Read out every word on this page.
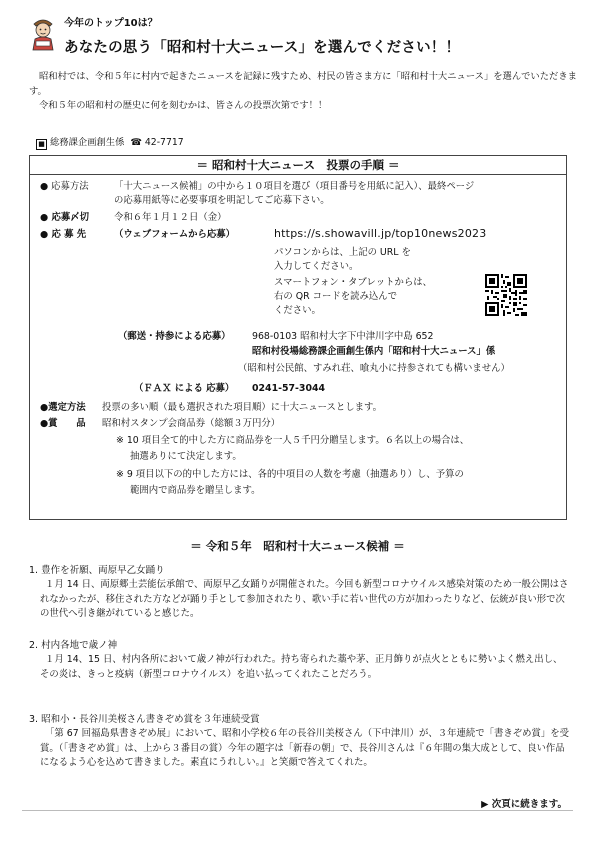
今年のトップ10は？
あなたの思う「昭和村十大ニュース」を選んでください！！

昭和村では、令和５年に村内で起きたニュースを記録に残すため、村民の皆さま方に「昭和村十大ニュース」を選んでいただきます。

令和５年の昭和村の歴史に何を刻むかは、皆さんの投票次第です！！

■ 総務課企画創生係  ☎ 42-7717
＝ 昭和村十大ニュース　投票の手順 ＝
● 応募方法	「十大ニュース候補」の中から１０項目を選び（項目番号を用紙に記入）、最終ページ
の応募用紙等に必要事項を明記してご応募下さい。
● 応募〆切	令和６年１月１２日（金）
● 応 募 先	（ウェブフォームから応募）	https://s.showavill.jp/top10news2023
パソコンからは、上記の URL を
入力してください。
スマートフォン・タブレットからは、
右の QR コードを読み込んで
ください。
（郵送・持参による応募） 968-0103 昭和村大字下中津川字中島 652
昭和村役場総務課企画創生係内「昭和村十大ニュース」係
（昭和村公民館、すみれ荘、喰丸小に持参されても構いません）
（ＦＡＸ による 応募） 0241-57-3044
●選定方法 投票の多い順（最も選択された項目順）に十大ニュースとします。
●賞　　品 昭和村スタンプ会商品券（総額３万円分）
※ 10 項目全て的中した方に商品券を一人５千円分贈呈します。６名以上の場合は、
抽選ありにて決定します。
※ 9 項目以下の的中した方には、各的中項目の人数を考慮（抽選あり）し、予算の
範囲内で商品券を贈呈します。
＝ 令和５年　昭和村十大ニュース候補 ＝
1. 豊作を祈願、両原早乙女踊り

１月 14 日、両原郷土芸能伝承館で、両原早乙女踊りが開催された。今回も新型コロナウイルス感染対策のため一般公開はされなかったが、移住された方などが踊り手として参加されたり、歌い手に若い世代の方が加わったりなど、伝統が良い形で次の世代へ引き継がれていると感じた。

2. 村内各地で歳ノ神

１月 14、15 日、村内各所において歳ノ神が行われた。持ち寄られた藁や茅、正月飾りが点火とともに勢いよく燃え出し、その炎は、きっと疫病（新型コロナウイルス）を追い払ってくれたことだろう。

3. 昭和小・長谷川美桜さん書きぞめ賞を３年連続受賞

「第 67 回福島県書きぞめ展」において、昭和小学校６年の長谷川美桜さん（下中津川）が、３年連続で「書きぞめ賞」を受賞。（「書きぞめ賞」は、上から３番目の賞）今年の題字は「新春の朝」で、長谷川さんは『６年間の集大成として、良い作品になるよう心を込めて書きました。素直にうれしい。』と笑顔で答えてくれた。

▶ 次頁に続きます。
